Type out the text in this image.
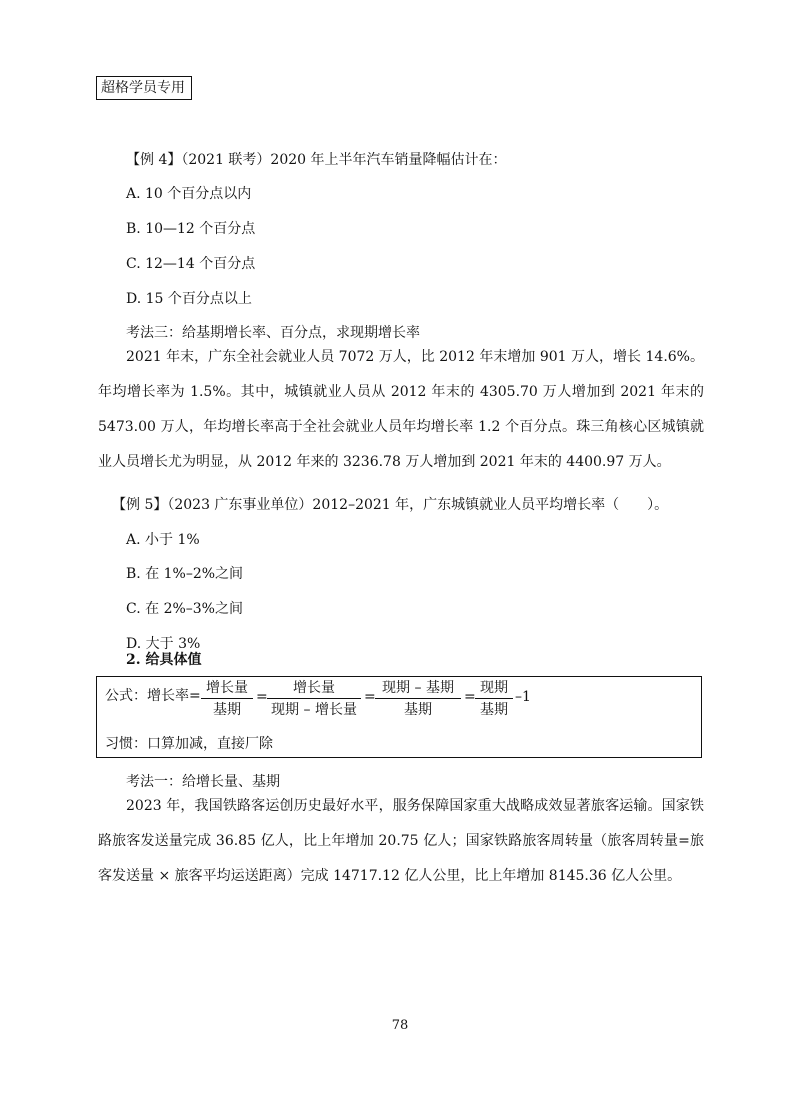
超格学员专用
【例 4】（2021 联考）2020 年上半年汽车销量降幅估计在：
A. 10 个百分点以内
B. 10—12 个百分点
C. 12—14 个百分点
D. 15 个百分点以上
考法三：给基期增长率、百分点，求现期增长率
2021 年末，广东全社会就业人员 7072 万人，比 2012 年末增加 901 万人，增长 14.6%。年均增长率为 1.5%。其中，城镇就业人员从 2012 年末的 4305.70 万人增加到 2021 年末的 5473.00 万人，年均增长率高于全社会就业人员年均增长率 1.2 个百分点。珠三角核心区城镇就业人员增长尤为明显，从 2012 年来的 3236.78 万人增加到 2021 年末的 4400.97 万人。
【例 5】（2023 广东事业单位）2012–2021 年，广东城镇就业人员平均增长率（　　）。
A. 小于 1%
B. 在 1%–2%之间
C. 在 2%–3%之间
D. 大于 3%
2. 给具体值
公式：增长率= 增长量
基期
=
增长量
现期 – 增长量
=
现期 – 基期
基期
=
现期
基期
–1
习惯：口算加减，直接厂除
考法一：给增长量、基期
2023 年，我国铁路客运创历史最好水平，服务保障国家重大战略成效显著旅客运输。国家铁路旅客发送量完成 36.85 亿人，比上年增加 20.75 亿人；国家铁路旅客周转量（旅客周转量=旅客发送量 × 旅客平均运送距离）完成 14717.12 亿人公里，比上年增加 8145.36 亿人公里。
78
